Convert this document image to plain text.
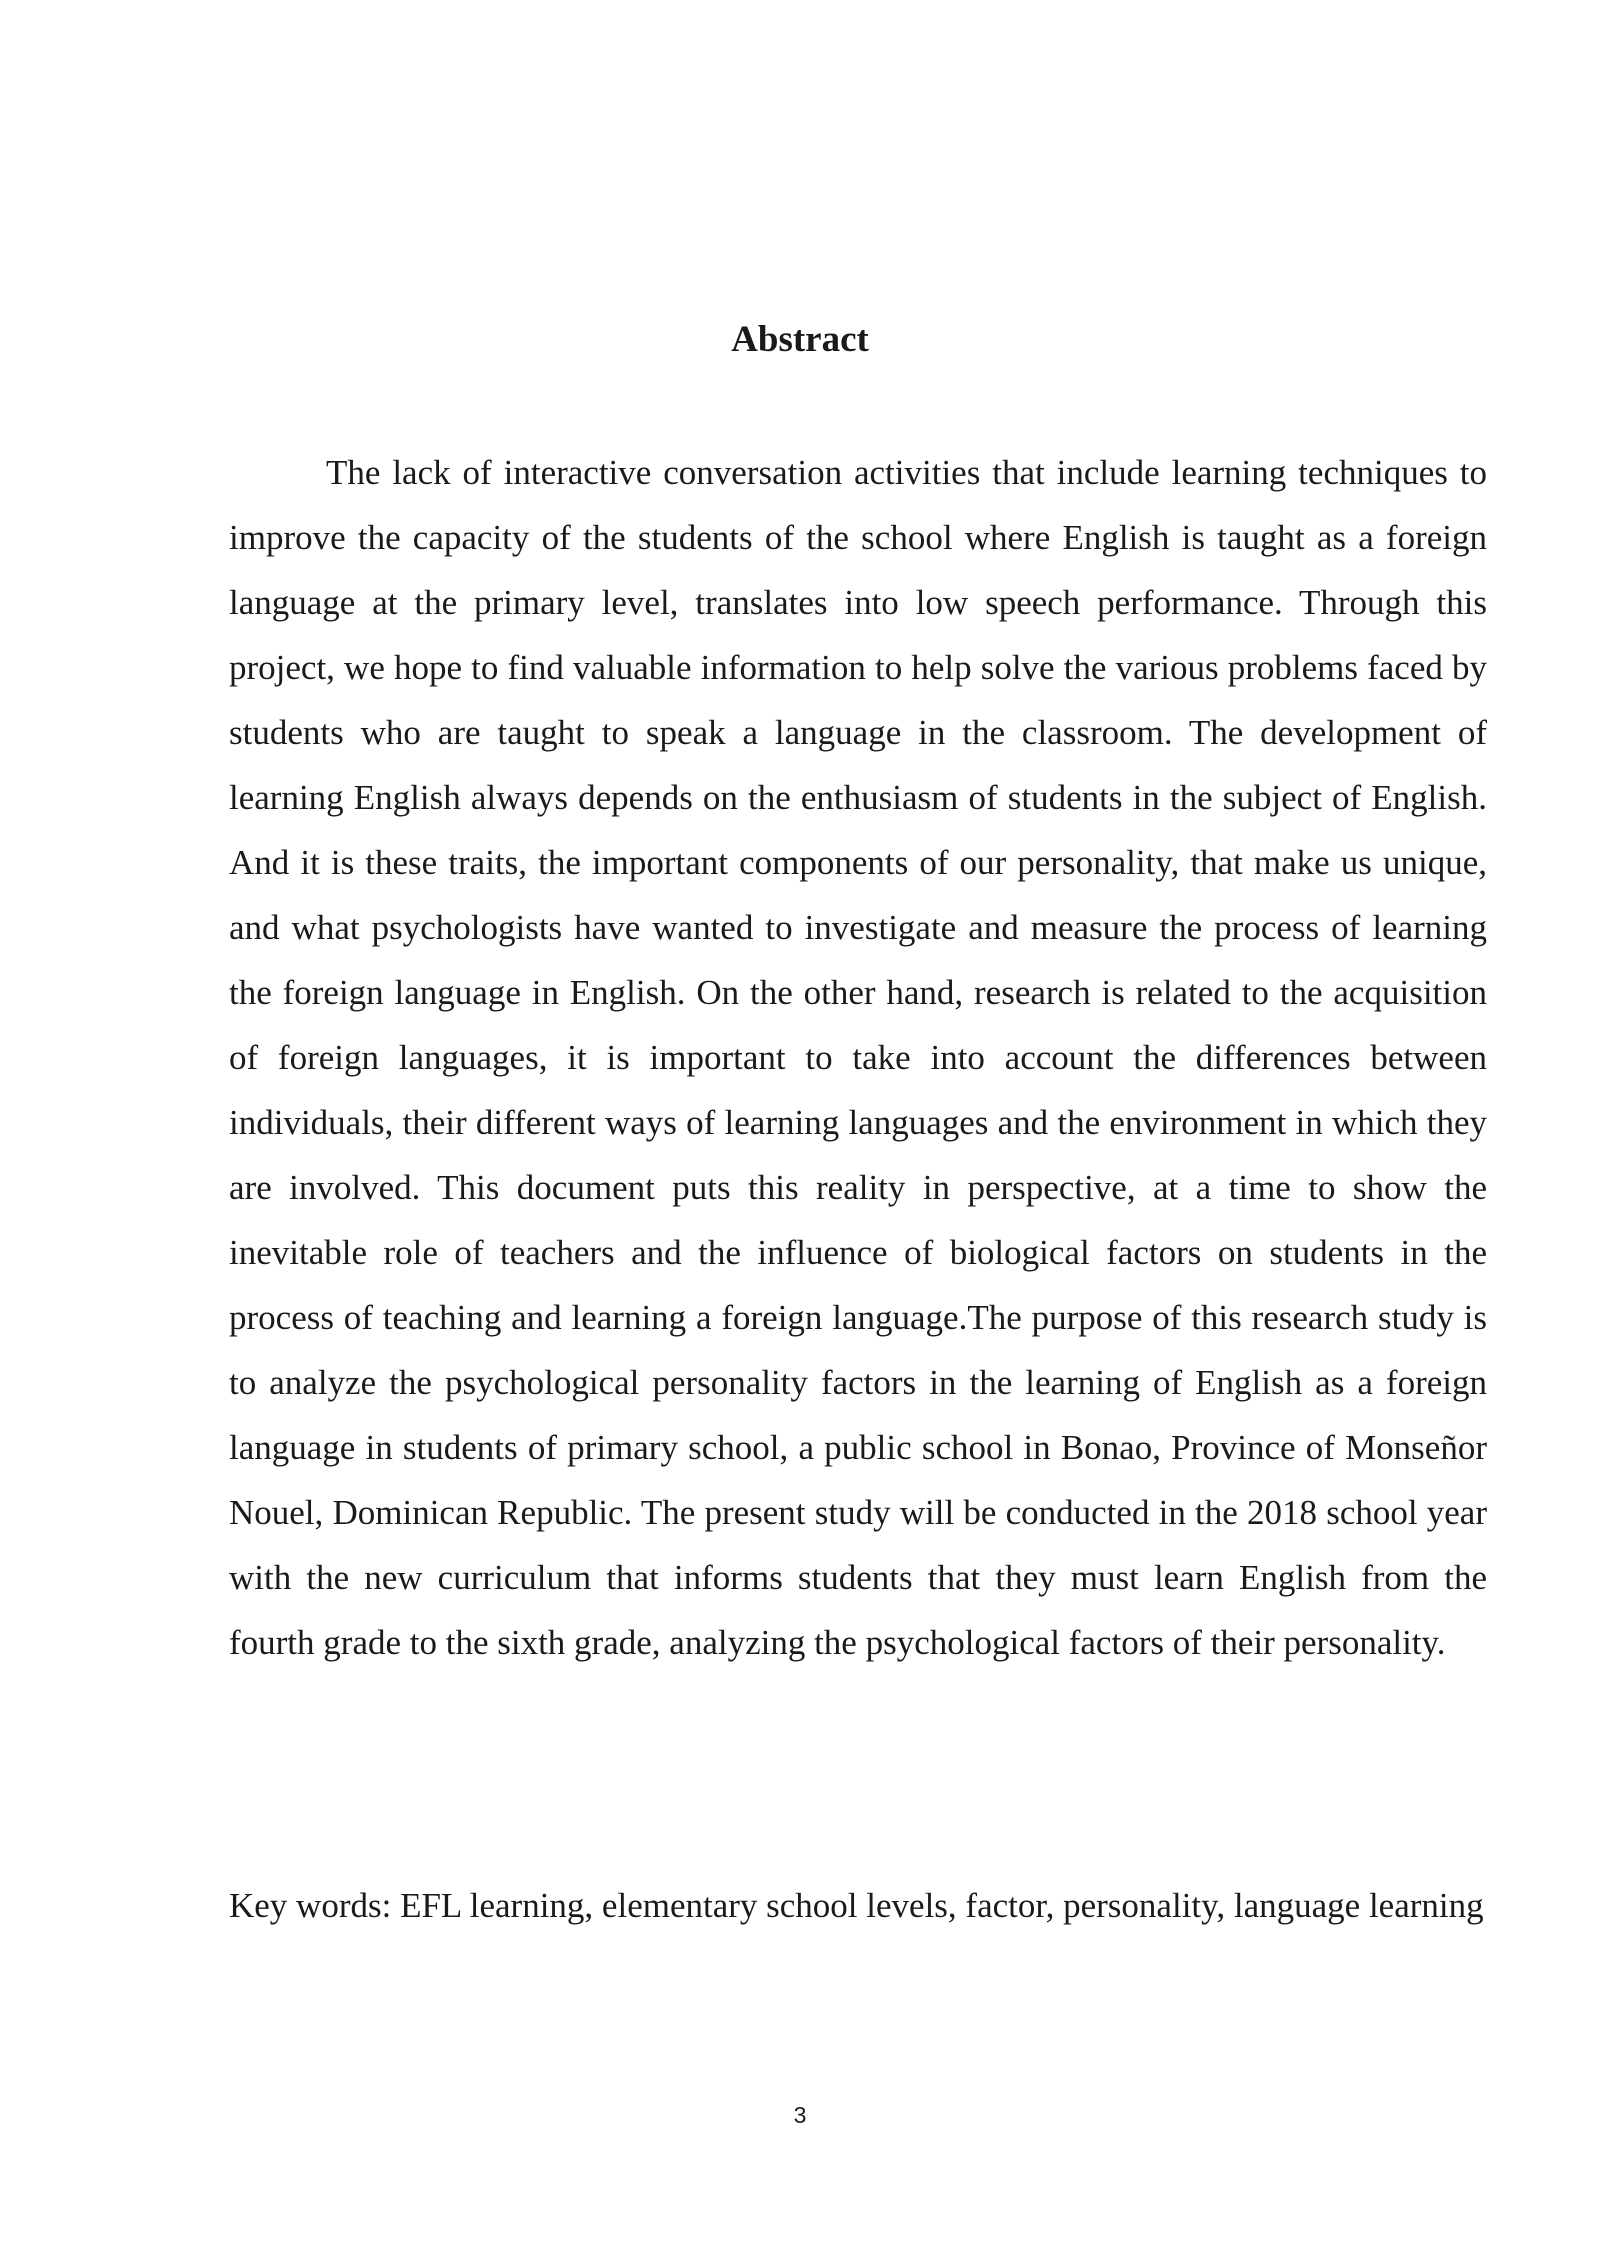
Abstract

The lack of interactive conversation activities that include learning techniques to improve the capacity of the students of the school where English is taught as a foreign language at the primary level, translates into low speech performance. Through this project, we hope to find valuable information to help solve the various problems faced by students who are taught to speak a language in the classroom. The development of learning English always depends on the enthusiasm of students in the subject of English. And it is these traits, the important components of our personality, that make us unique, and what psychologists have wanted to investigate and measure the process of learning the foreign language in English. On the other hand, research is related to the acquisition of foreign languages, it is important to take into account the differences between individuals, their different ways of learning languages and the environment in which they are involved. This document puts this reality in perspective, at a time to show the inevitable role of teachers and the influence of biological factors on students in the process of teaching and learning a foreign language.The purpose of this research study is to analyze the psychological personality factors in the learning of English as a foreign language in students of primary school, a public school in Bonao, Province of Monseñor Nouel, Dominican Republic. The present study will be conducted in the 2018 school year with the new curriculum that informs students that they must learn English from the fourth grade to the sixth grade, analyzing the psychological factors of their personality.

Key words: EFL learning, elementary school levels, factor, personality, language learning

3
